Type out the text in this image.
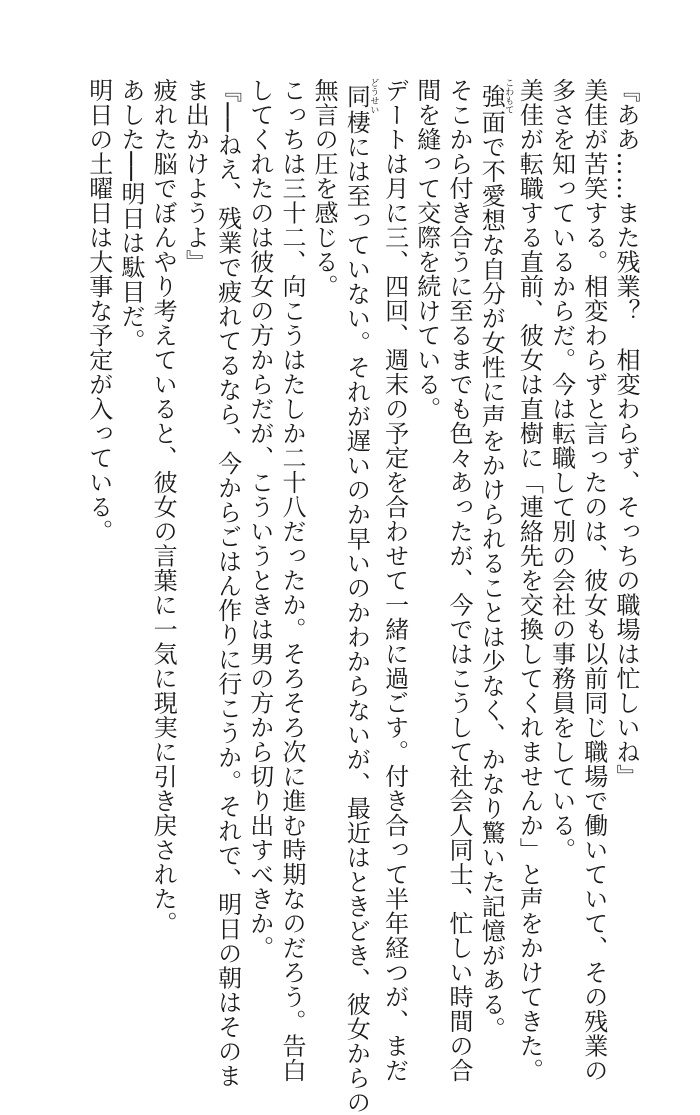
『ああ……また残業？　相変わらず、そっちの職場は忙しいね』

美佳が苦笑する。相変わらずと言ったのは、彼女も以前同じ職場で働いていて、その残業の

多さを知っているからだ。今は転職して別の会社の事務員をしている。

美佳が転職する直前、彼女は直樹に「連絡先を交換してくれませんか」と声をかけてきた。

強こわもて面で不愛想な自分が女性に声をかけられることは少なく、かなり驚いた記憶がある。

そこから付き合うに至るまでも色々あったが、今ではこうして社会人同士、忙しい時間の合

間を縫って交際を続けている。

デートは月に三、四回、週末の予定を合わせて一緒に過ごす。付き合って半年経つが、まだ

同どうせい棲には至っていない。それが遅いのか早いのかわからないが、最近はときどき、彼女からの

無言の圧を感じる。

こっちは三十二、向こうはたしか二十八だったか。そろそろ次に進む時期なのだろう。告白

してくれたのは彼女の方からだが、こういうときは男の方から切り出すべきか。

『──ねえ、残業で疲れてるなら、今からごはん作りに行こうか。それで、明日の朝はそのま

ま出かけようよ』

疲れた脳でぼんやり考えていると、彼女の言葉に一気に現実に引き戻された。

あした──明日は駄目だ。

明日の土曜日は大事な予定が入っている。
